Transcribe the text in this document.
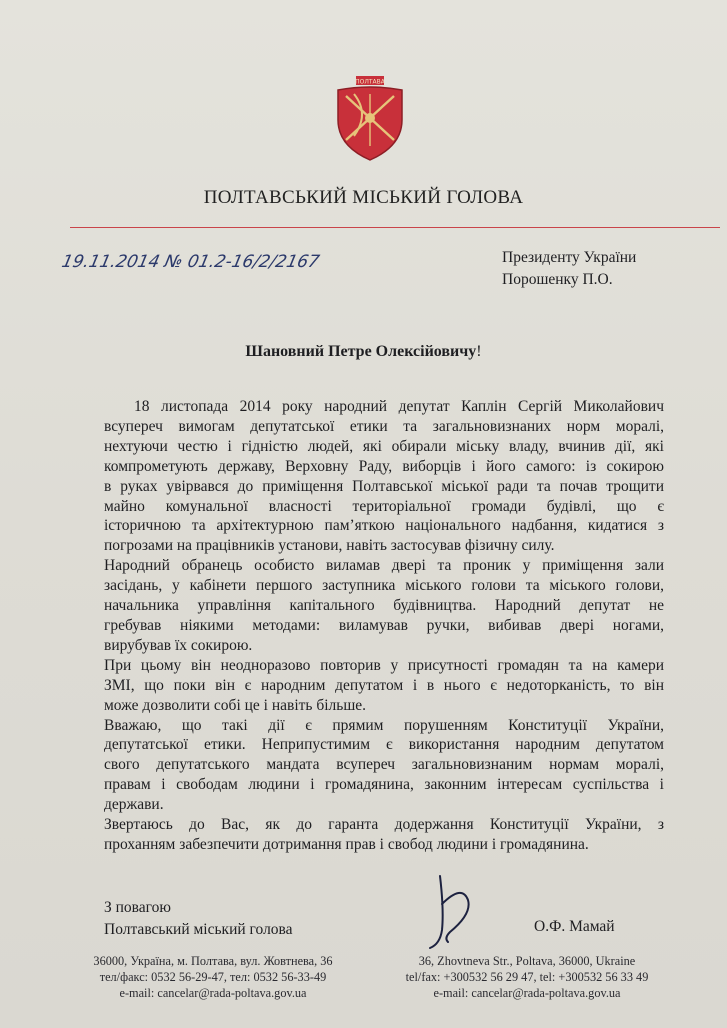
ПОЛТАВА
ПОЛТАВСЬКИЙ МІСЬКИЙ ГОЛОВА
19.11.2014 № 01.2-16/2/2167	Президенту України
Порошенку П.О.
Шановний Петре Олексійовичу!
18 листопада 2014 року народний депутат Каплін Сергій Миколайович
всупереч вимогам депутатської етики та загальновизнаних норм моралі,
нехтуючи честю і гідністю людей, які обирали міську владу, вчинив дії, які
компрометують державу, Верховну Раду, виборців і його самого: із сокирою
в руках увірвався до приміщення Полтавської міської ради та почав трощити
майно комунальної власності територіальної громади будівлі, що є
історичною та архітектурною пам’яткою національного надбання, кидатися з
погрозами на працівників установи, навіть застосував фізичну силу.
Народний обранець особисто виламав двері та проник у приміщення зали
засідань, у кабінети першого заступника міського голови та міського голови,
начальника управління капітального будівництва. Народний депутат не
гребував ніякими методами: виламував ручки, вибивав двері ногами,
вирубував їх сокирою.
При цьому він неодноразово повторив у присутності громадян та на камери
ЗМІ, що поки він є народним депутатом і в нього є недоторканість, то він
може дозволити собі це і навіть більше.
Вважаю, що такі дії є прямим порушенням Конституції України,
депутатської етики. Неприпустимим є використання народним депутатом
свого депутатського мандата всупереч загальновизнаним нормам моралі,
правам і свободам людини і громадянина, законним інтересам суспільства і
держави.
Звертаюсь до Вас, як до гаранта додержання Конституції України, з
проханням забезпечити дотримання прав і свобод людини і громадянина.
З повагою
Полтавський міський голова	О.Ф. Мамай
36000, Україна, м. Полтава, вул. Жовтнева, 36
тел/факс: 0532 56-29-47, тел: 0532 56-33-49
e-mail: cancelar@rada-poltava.gov.ua
36, Zhovtneva Str., Poltava, 36000, Ukraine
tel/fax: +300532 56 29 47, tel: +300532 56 33 49
e-mail: cancelar@rada-poltava.gov.ua
